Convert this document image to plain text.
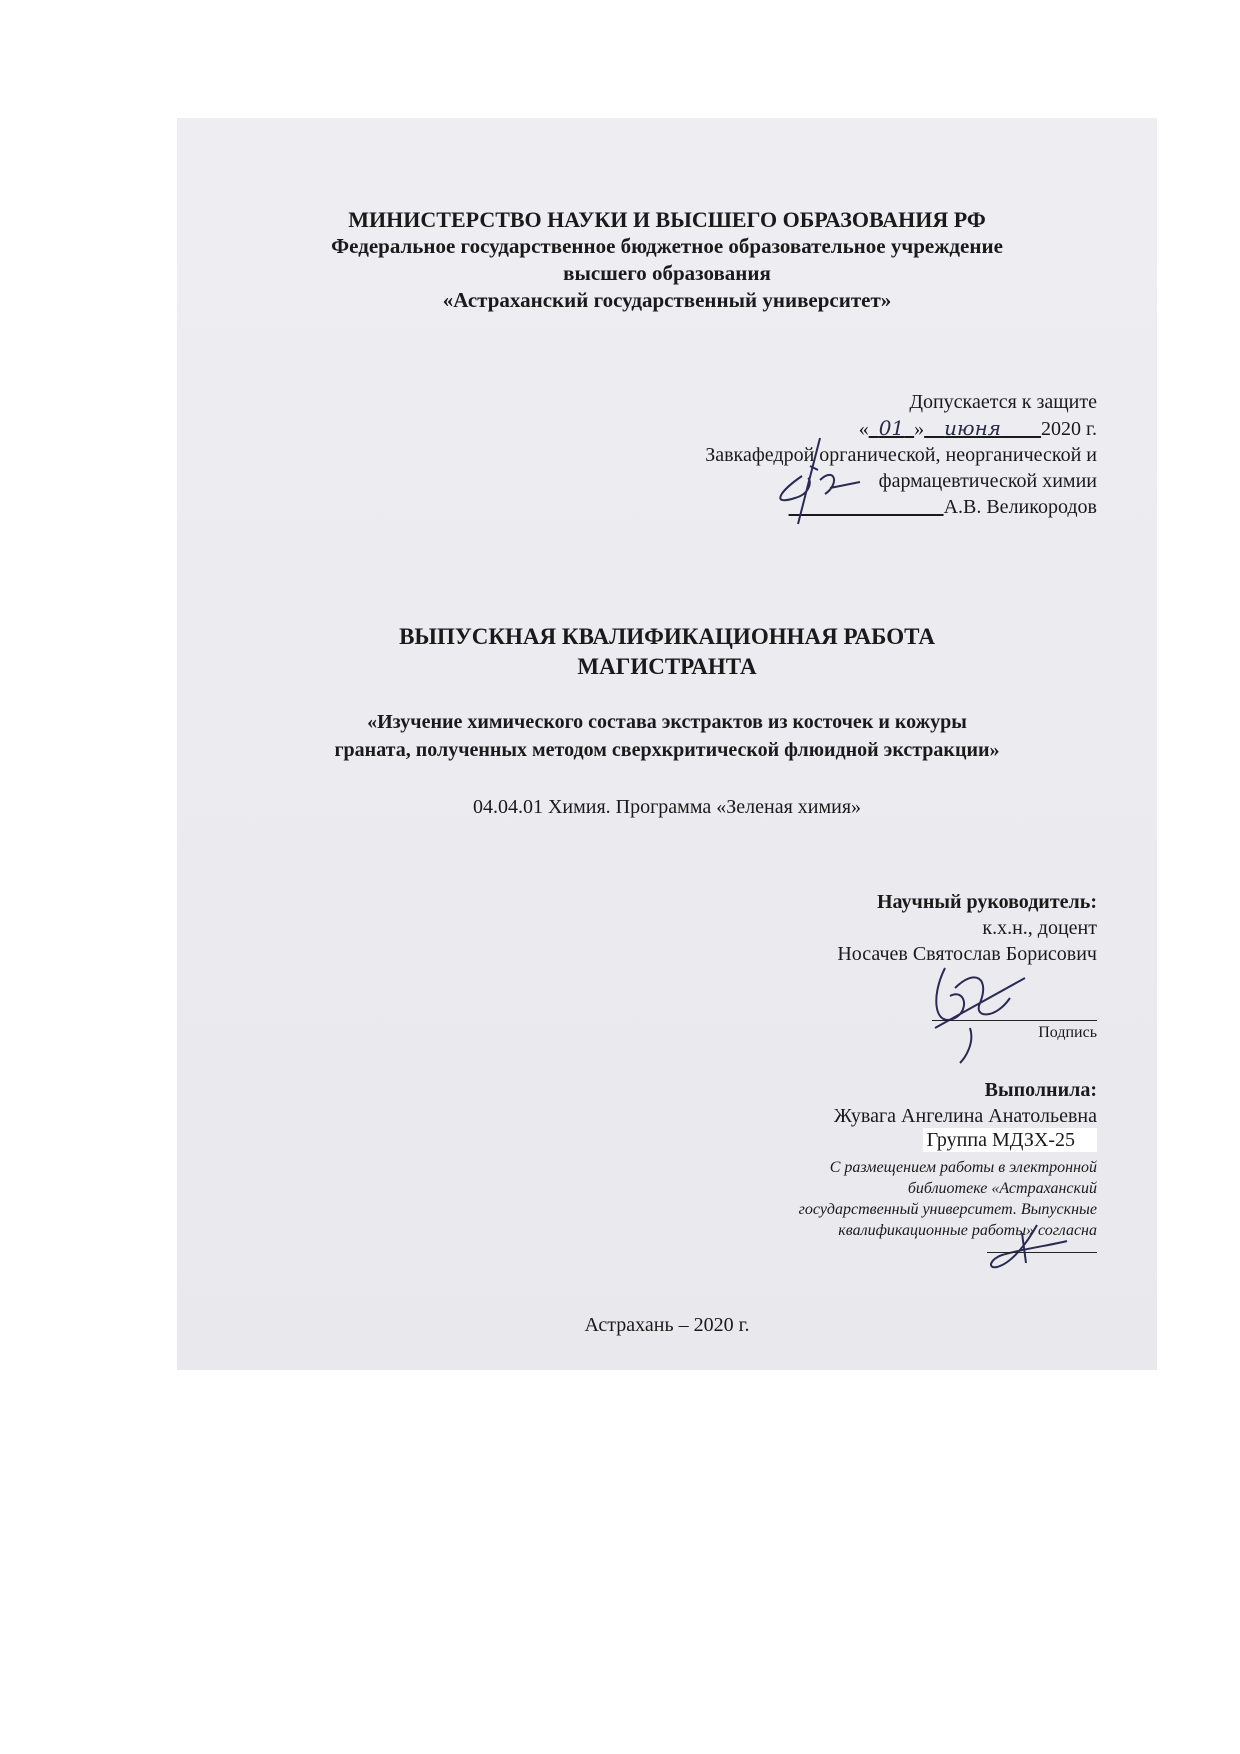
МИНИСТЕРСТВО НАУКИ И ВЫСШЕГО ОБРАЗОВАНИЯ РФ
Федеральное государственное бюджетное образовательное учреждение
высшего образования
«Астраханский государственный университет»
Допускается к защите
« 01 » июня 2020 г.
Завкафедрой органической, неорганической и
фармацевтической химии
А.В. Великородов
ВЫПУСКНАЯ КВАЛИФИКАЦИОННАЯ РАБОТА
МАГИСТРАНТА
«Изучение химического состава экстрактов из косточек и кожуры
граната, полученных методом сверхкритической флюидной экстракции»
04.04.01 Химия. Программа «Зеленая химия»
Научный руководитель:
к.х.н., доцент
Носачев Святослав Борисович
Подпись
Выполнила:
Жувага Ангелина Анатольевна
Группа МДЗХ-25
С размещением работы в электронной
библиотеке «Астраханский
государственный университет. Выпускные
квалификационные работы» согласна
Астрахань – 2020 г.
